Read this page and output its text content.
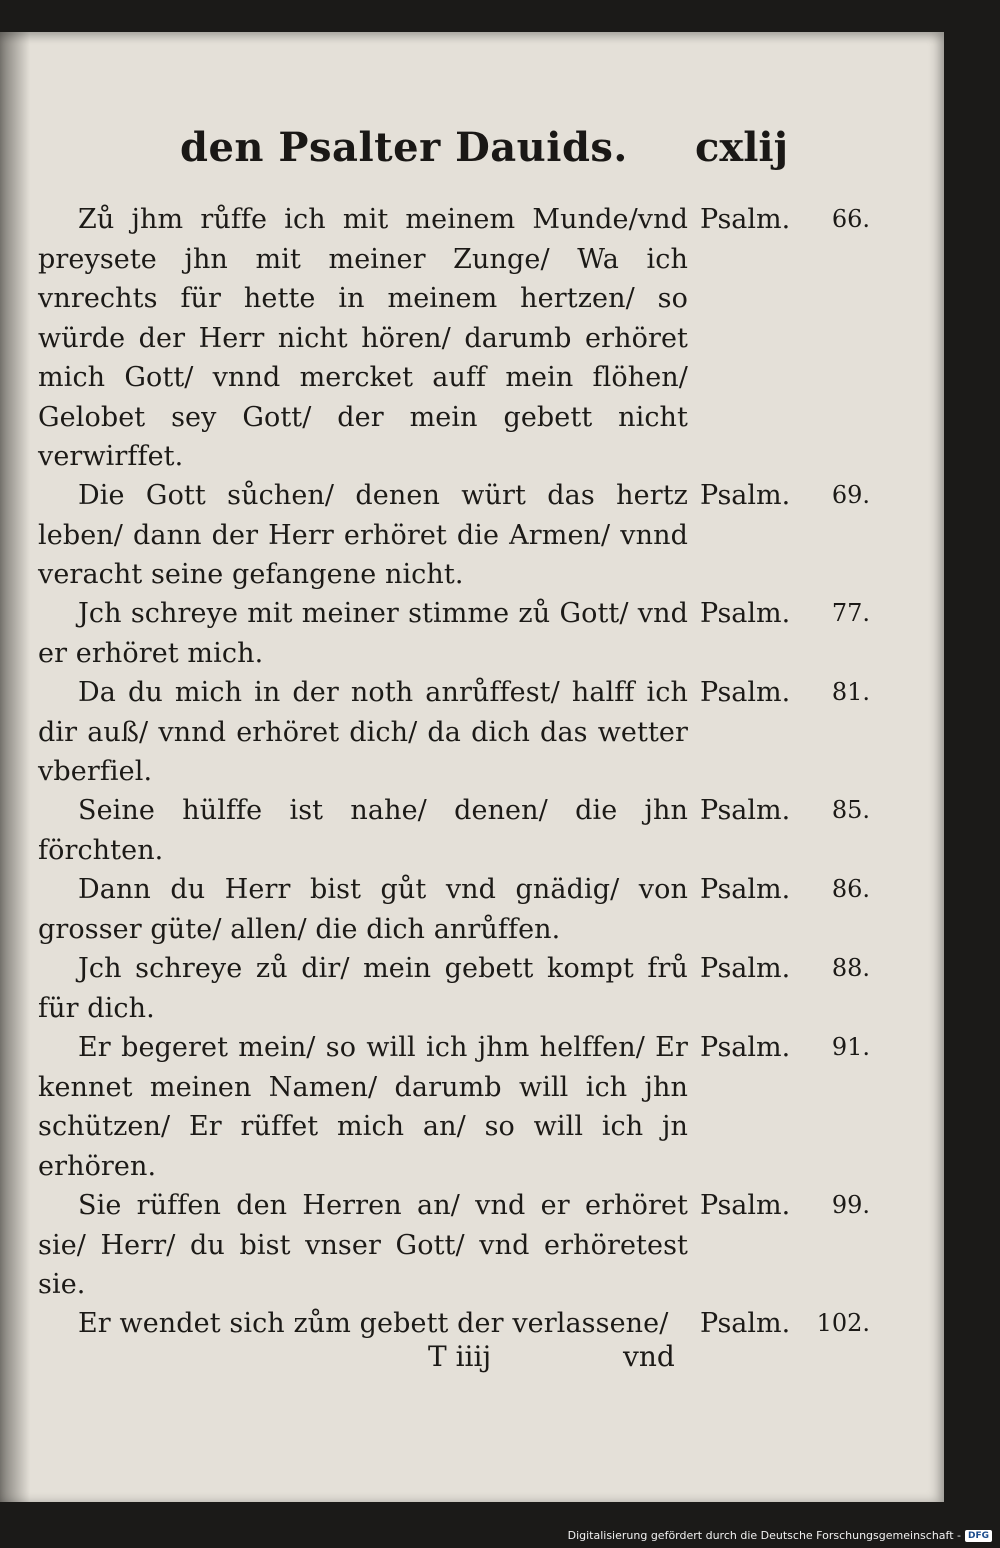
den Psalter Dauids. cxlij

Zů jhm růffe ich mit meinem Munde/vnd preysete jhn mit meiner Zunge/ Wa ich vnrechts für hette in meinem hertzen/ so würde der Herr nicht hören/ darumb erhöret mich Gott/ vnnd mercket auff mein flöhen/ Gelobet sey Gott/ der mein gebett nicht verwirffet.

Psalm. 66.

Die Gott sůchen/ denen würt das hertz leben/ dann der Herr erhöret die Armen/ vnnd veracht seine gefangene nicht.

Psalm. 69.

Jch schreye mit meiner stimme zů Gott/ vnd er erhöret mich.

Psalm. 77.

Da du mich in der noth anrůffest/ halff ich dir auß/ vnnd erhöret dich/ da dich das wetter vberfiel.

Psalm. 81.

Seine hülffe ist nahe/ denen/ die jhn förchten.

Psalm. 85.

Dann du Herr bist gůt vnd gnädig/ von grosser güte/ allen/ die dich anrůffen.

Psalm. 86.

Jch schreye zů dir/ mein gebett kompt frů für dich.

Psalm. 88.

Er begeret mein/ so will ich jhm helffen/ Er kennet meinen Namen/ darumb will ich jhn schützen/ Er rüffet mich an/ so will ich jn erhören.

Psalm. 91.

Sie rüffen den Herren an/ vnd er erhöret sie/ Herr/ du bist vnser Gott/ vnd erhöretest sie.

Psalm. 99.

Er wendet sich zům gebett der verlassene/	Psalm. 102.
T iiij	vnd
Digitalisierung gefördert durch die Deutsche Forschungsgemeinschaft - DFG
